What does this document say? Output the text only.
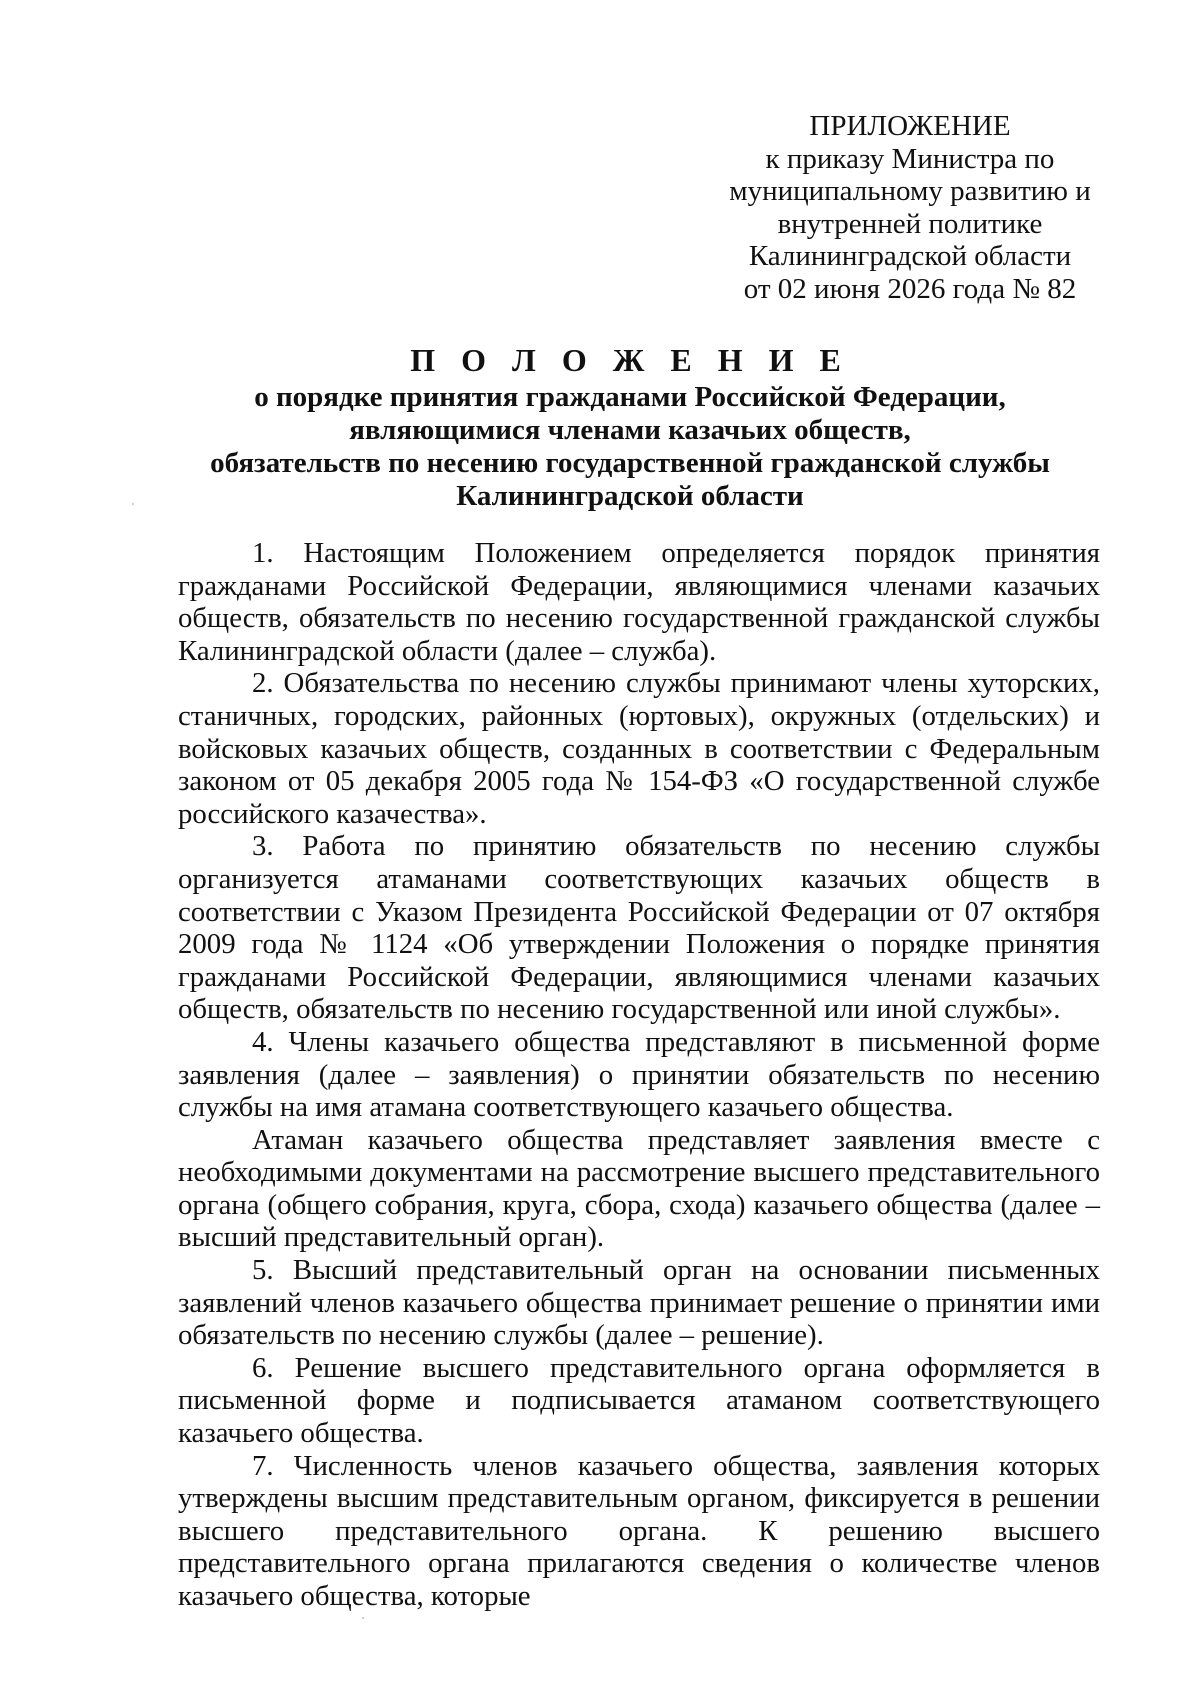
ПРИЛОЖЕНИЕ
к приказу Министра по
муниципальному развитию и
внутренней политике
Калининградской области
от 02 июня 2026 года № 82
П О Л О Ж Е Н И Е
о порядке принятия гражданами Российской Федерации,
являющимися членами казачьих обществ,
обязательств по несению государственной гражданской службы
Калининградской области

1. Настоящим Положением определяется порядок принятия гражданами Российской Федерации, являющимися членами казачьих обществ, обязательств по несению государственной гражданской службы Калининградской области (далее – служба).

2. Обязательства по несению службы принимают члены хуторских, станичных, городских, районных (юртовых), окружных (отдельских) и войсковых казачьих обществ, созданных в соответствии с Федеральным законом от 05 декабря 2005 года № 154-ФЗ «О государственной службе российского казачества».

3. Работа по принятию обязательств по несению службы организуется атаманами соответствующих казачьих обществ в соответствии с Указом Президента Российской Федерации от 07 октября 2009 года № 1124 «Об утверждении Положения о порядке принятия гражданами Российской Федерации, являющимися членами казачьих обществ, обязательств по несению государственной или иной службы».

4. Члены казачьего общества представляют в письменной форме заявления (далее – заявления) о принятии обязательств по несению службы на имя атамана соответствующего казачьего общества.

Атаман казачьего общества представляет заявления вместе с необходимыми документами на рассмотрение высшего представительного органа (общего собрания, круга, сбора, схода) казачьего общества (далее – высший представительный орган).

5. Высший представительный орган на основании письменных заявлений членов казачьего общества принимает решение о принятии ими обязательств по несению службы (далее – решение).

6. Решение высшего представительного органа оформляется в письменной форме и подписывается атаманом соответствующего казачьего общества.

7. Численность членов казачьего общества, заявления которых утверждены высшим представительным органом, фиксируется в решении высшего представительного органа. К решению высшего представительного органа прилагаются сведения о количестве членов казачьего общества, которые
